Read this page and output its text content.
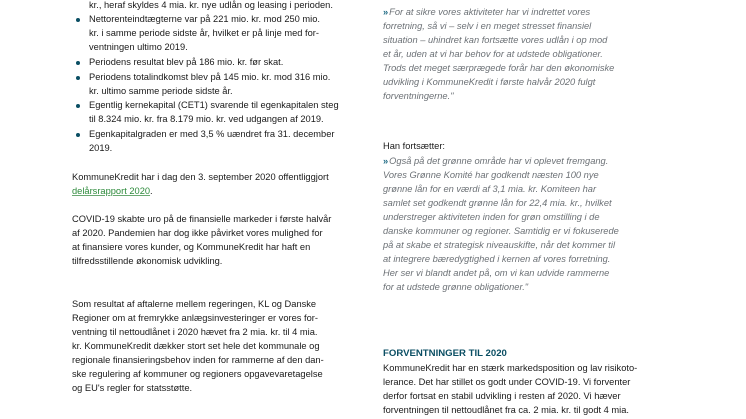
kr., heraf skyldes 4 mia. kr. nye udlån og leasing i perioden.
Nettorenteindtægterne var på 221 mio. kr. mod 250 mio.
kr. i samme periode sidste år, hvilket er på linje med for-
ventningen ultimo 2019.
Periodens resultat blev på 186 mio. kr. før skat.
Periodens totalindkomst blev på 145 mio. kr. mod 316 mio.
kr. ultimo samme periode sidste år.
Egentlig kernekapital (CET1) svarende til egenkapitalen steg
til 8.324 mio. kr. fra 8.179 mio. kr. ved udgangen af 2019.
Egenkapitalgraden er med 3,5 % uændret fra 31. december
2019.
KommuneKredit har i dag den 3. september 2020 offentliggjort
delårsrapport 2020.
COVID-19 skabte uro på de finansielle markeder i første halvår
af 2020. Pandemien har dog ikke påvirket vores mulighed for
at finansiere vores kunder, og KommuneKredit har haft en
tilfredsstillende økonomisk udvikling.
Som resultat af aftalerne mellem regeringen, KL og Danske
Regioner om at fremrykke anlægsinvesteringer er vores for-
ventning til nettoudlånet i 2020 hævet fra 2 mia. kr. til 4 mia.
kr. KommuneKredit dækker stort set hele det kommunale og
regionale finansieringsbehov inden for rammerne af den dan-
ske regulering af kommuner og regioners opgavevaretagelse
og EU's regler for statsstøtte.
» For at sikre vores aktiviteter har vi indrettet vores
forretning, så vi – selv i en meget stresset finansiel
situation – uhindret kan fortsætte vores udlån i op mod
et år, uden at vi har behov for at udstede obligationer.
Trods det meget særprægede forår har den økonomiske
udvikling i KommuneKredit i første halvår 2020 fulgt
forventningerne."
Han fortsætter:
» Også på det grønne område har vi oplevet fremgang.
Vores Grønne Komité har godkendt næsten 100 nye
grønne lån for en værdi af 3,1 mia. kr. Komiteen har
samlet set godkendt grønne lån for 22,4 mia. kr., hvilket
understreger aktiviteten inden for grøn omstilling i de
danske kommuner og regioner. Samtidig er vi fokuserede
på at skabe et strategisk niveauskifte, når det kommer til
at integrere bæredygtighed i kernen af vores forretning.
Her ser vi blandt andet på, om vi kan udvide rammerne
for at udstede grønne obligationer."
FORVENTNINGER TIL 2020
KommuneKredit har en stærk markedsposition og lav risikoto-
lerance. Det har stillet os godt under COVID-19. Vi forventer
derfor fortsat en stabil udvikling i resten af 2020. Vi hæver
forventningen til nettoudlånet fra ca. 2 mia. kr. til godt 4 mia.
